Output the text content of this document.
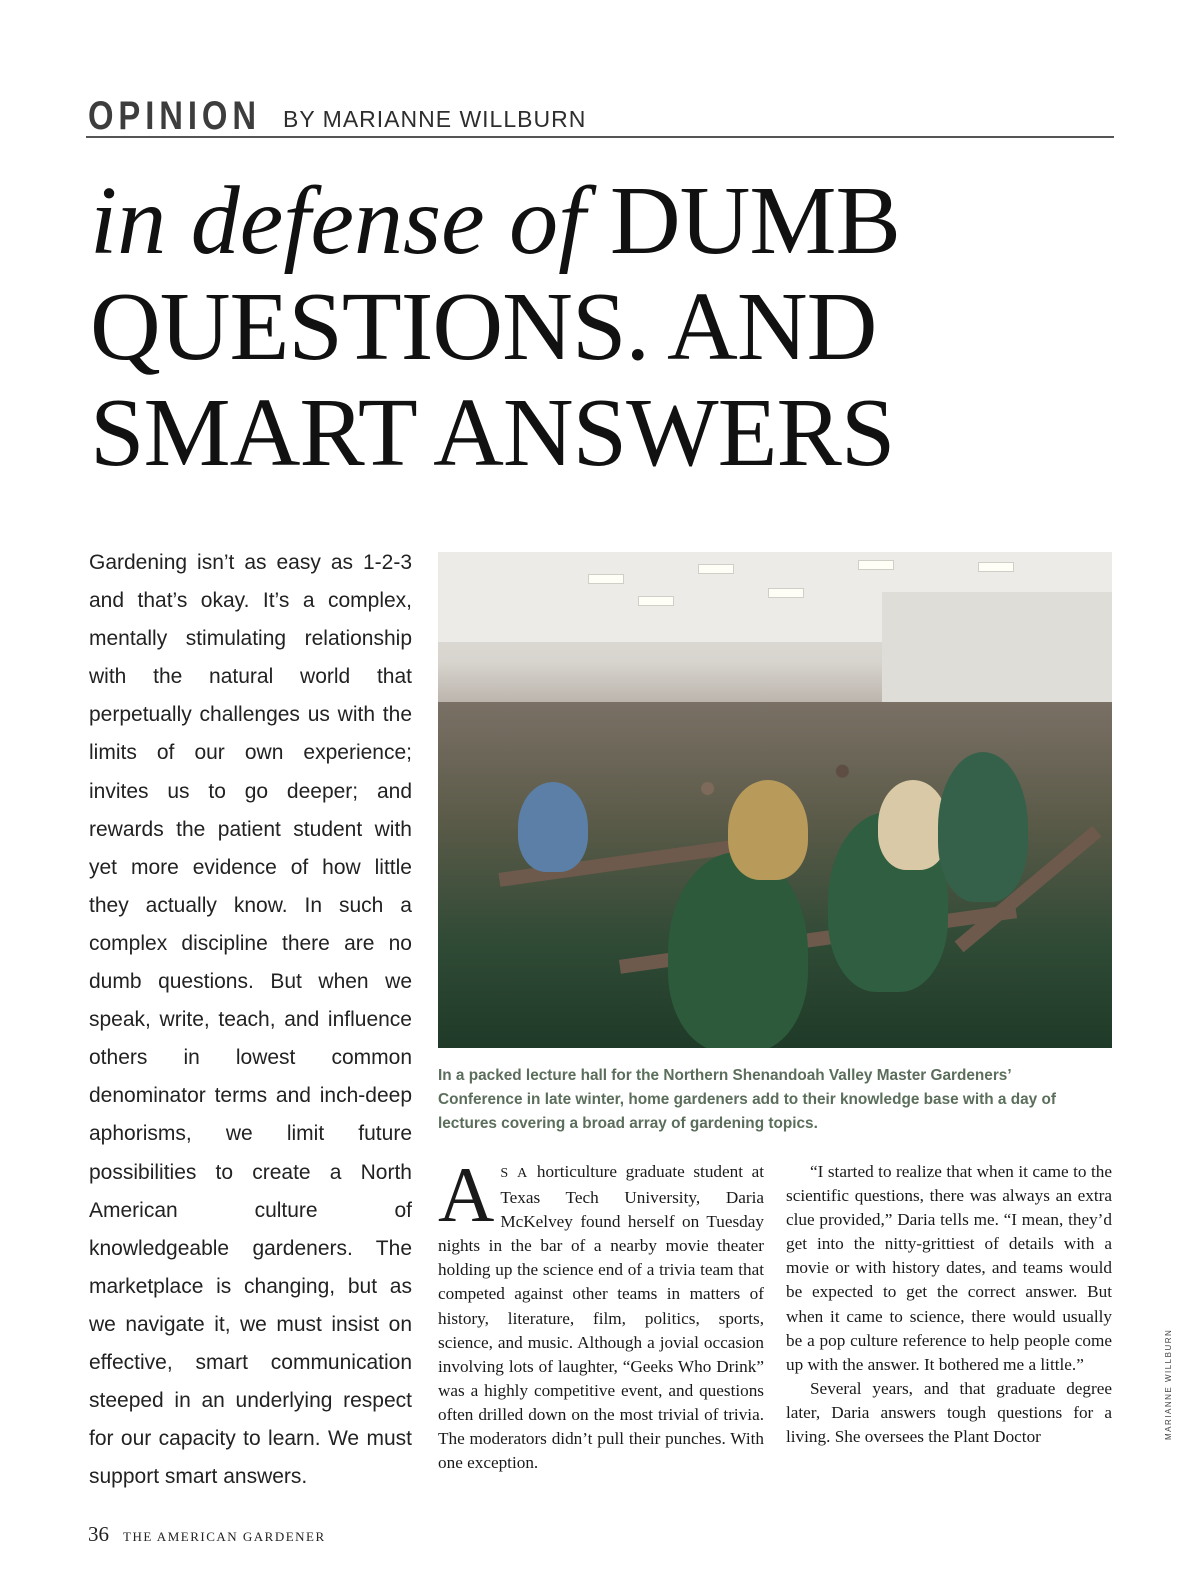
OPINION BY MARIANNE WILLBURN
in defense of DUMB
QUESTIONS. AND
SMART ANSWERS
Gardening isn’t as easy as 1-2-3 and that’s okay. It’s a complex, mentally stimulating relationship with the natural world that perpetually challenges us with the limits of our own experience; invites us to go deeper; and rewards the patient student with yet more evidence of how little they actually know. In such a complex discipline there are no dumb questions. But when we speak, write, teach, and influence others in lowest common denominator terms and inch-deep aphorisms, we limit future possibilities to create a North American culture of knowledgeable gardeners. The marketplace is changing, but as we navigate it, we must insist on effective, smart communication steeped in an underlying respect for our capacity to learn. We must support smart answers.
In a packed lecture hall for the Northern Shenandoah Valley Master Gardeners’ Conference in late winter, home gardeners add to their knowledge base with a day of lectures covering a broad array of gardening topics.
A S A horticulture graduate student at Texas Tech University, Daria McKelvey found herself on Tuesday nights in the bar of a nearby movie theater holding up the science end of a trivia team that competed against other teams in matters of history, literature, film, politics, sports, science, and music. Although a jovial occasion involving lots of laughter, “Geeks Who Drink” was a highly competitive event, and questions often drilled down on the most trivial of trivia. The moderators didn’t pull their punches. With one exception.

“I started to realize that when it came to the scientific questions, there was always an extra clue provided,” Daria tells me. “I mean, they’d get into the nitty-grittiest of details with a movie or with history dates, and teams would be expected to get the correct answer. But when it came to science, there would usually be a pop culture reference to help people come up with the answer. It bothered me a little.”

Several years, and that graduate degree later, Daria answers tough questions for a living. She oversees the Plant Doctor	MARIANNE WILLBURN
36 THE AMERICAN GARDENER
